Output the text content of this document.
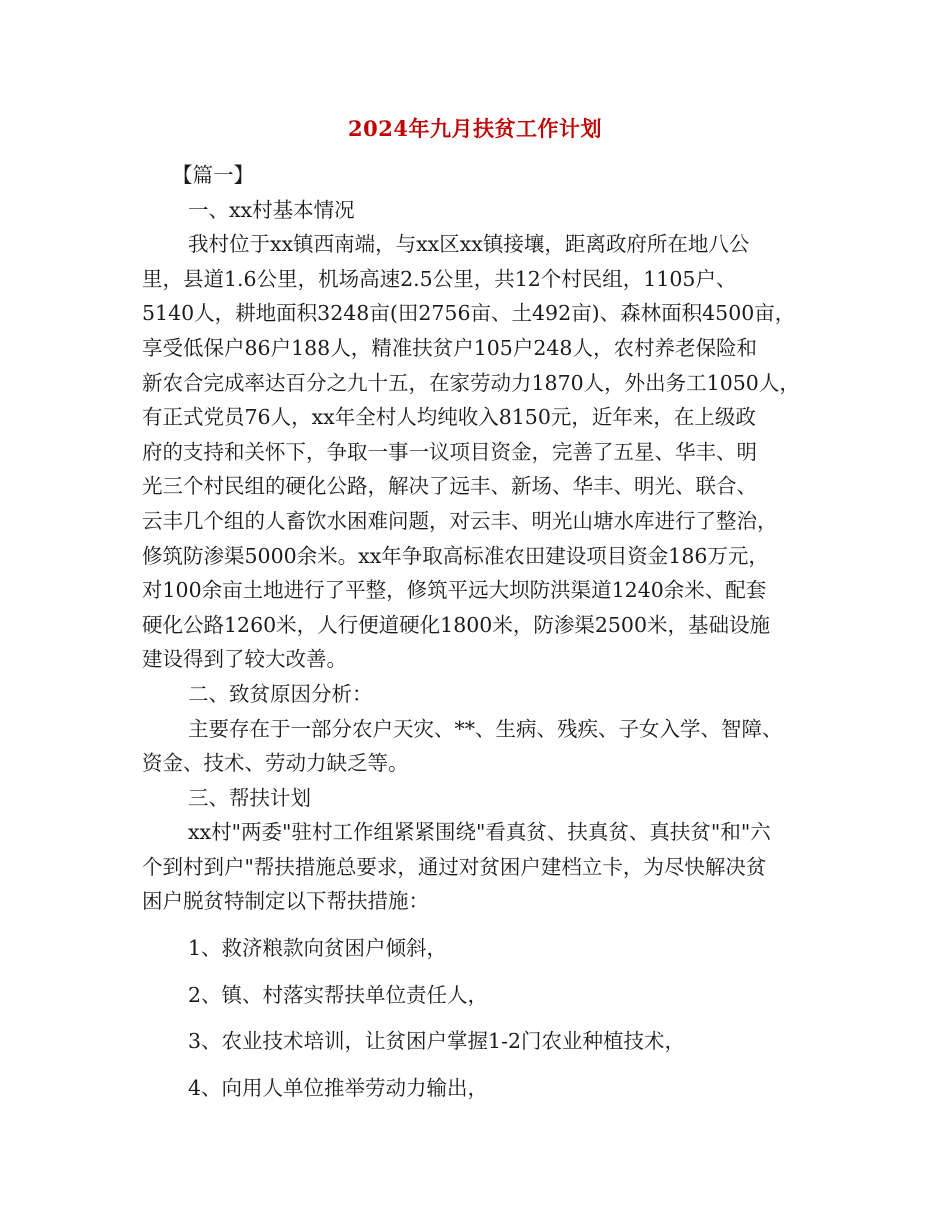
2024年九月扶贫工作计划
【篇一】
一、xx村基本情况
我村位于xx镇西南端，与xx区xx镇接壤，距离政府所在地八公
里，县道1.6公里，机场高速2.5公里，共12个村民组，1105户、
5140人，耕地面积3248亩(田2756亩、土492亩)、森林面积4500亩，
享受低保户86户188人，精准扶贫户105户248人，农村养老保险和
新农合完成率达百分之九十五，在家劳动力1870人，外出务工1050人，
有正式党员76人，xx年全村人均纯收入8150元，近年来，在上级政
府的支持和关怀下，争取一事一议项目资金，完善了五星、华丰、明
光三个村民组的硬化公路，解决了远丰、新场、华丰、明光、联合、
云丰几个组的人畜饮水困难问题，对云丰、明光山塘水库进行了整治，
修筑防渗渠5000余米。xx年争取高标准农田建设项目资金186万元，
对100余亩土地进行了平整，修筑平远大坝防洪渠道1240余米、配套
硬化公路1260米，人行便道硬化1800米，防渗渠2500米，基础设施
建设得到了较大改善。
二、致贫原因分析：
主要存在于一部分农户天灾、**、生病、残疾、子女入学、智障、
资金、技术、劳动力缺乏等。
三、帮扶计划
xx村"两委"驻村工作组紧紧围绕"看真贫、扶真贫、真扶贫"和"六
个到村到户"帮扶措施总要求，通过对贫困户建档立卡，为尽快解决贫
困户脱贫特制定以下帮扶措施：
1、救济粮款向贫困户倾斜，
2、镇、村落实帮扶单位责任人，
3、农业技术培训，让贫困户掌握1-2门农业种植技术，
4、向用人单位推举劳动力输出，
